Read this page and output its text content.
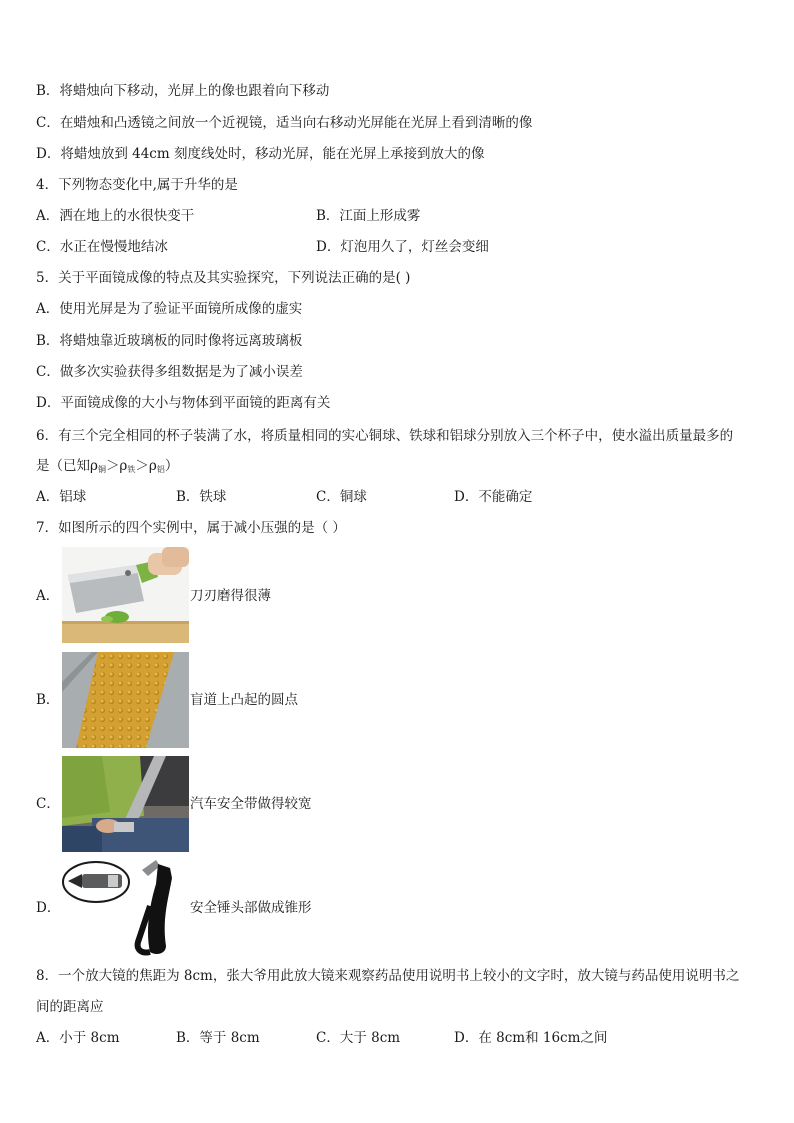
B．将蜡烛向下移动，光屏上的像也跟着向下移动
C．在蜡烛和凸透镜之间放一个近视镜，适当向右移动光屏能在光屏上看到清晰的像
D．将蜡烛放到 44cm 刻度线处时，移动光屏，能在光屏上承接到放大的像
4．下列物态变化中,属于升华的是
A．洒在地上的水很快变干	B．江面上形成雾
C．水正在慢慢地结冰	D．灯泡用久了，灯丝会变细
5．关于平面镜成像的特点及其实验探究，下列说法正确的是( )
A．使用光屏是为了验证平面镜所成像的虚实
B．将蜡烛靠近玻璃板的同时像将远离玻璃板
C．做多次实验获得多组数据是为了减小误差
D．平面镜成像的大小与物体到平面镜的距离有关
6．有三个完全相同的杯子装满了水，将质量相同的实心铜球、铁球和铝球分别放入三个杯子中，使水溢出质量最多的
是（已知$\rho_铜>\rho_铁>\rho_铝$）
A．铝球	B．铁球	C．铜球	D．不能确定
7．如图所示的四个实例中，属于减小压强的是（ ）
A．	刀刃磨得很薄
B．	盲道上凸起的圆点
C．	汽车安全带做得较宽
D．	安全锤头部做成锥形
8．一个放大镜的焦距为 8cm，张大爷用此放大镜来观察药品使用说明书上较小的文字时，放大镜与药品使用说明书之
间的距离应
A．小于 8cm	B．等于 8cm	C．大于 8cm	D．在 8cm和 16cm之间
